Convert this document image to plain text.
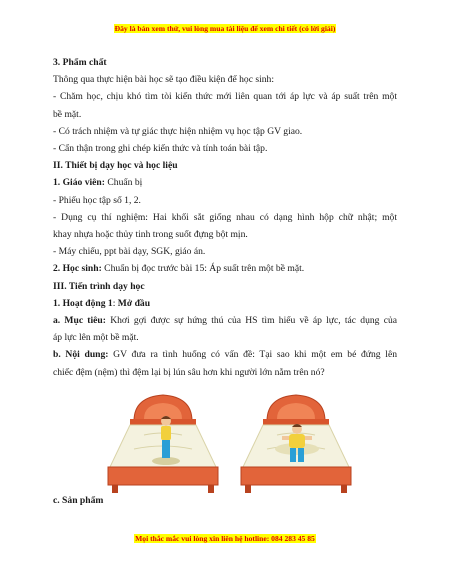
Đây là bản xem thử, vui lòng mua tài liệu để xem chi tiết (có lời giải)
3. Phẩm chất
Thông qua thực hiện bài học sẽ tạo điều kiện để học sinh:
- Chăm học, chịu khó tìm tòi kiến thức mới liên quan tới áp lực và áp suất trên một
bề mặt.
- Có trách nhiệm và tự giác thực hiện nhiệm vụ học tập GV giao.
- Cẩn thận trong ghi chép kiến thức và tính toán bài tập.
II. Thiết bị dạy học và học liệu
1. Giáo viên: Chuẩn bị
- Phiếu học tập số 1, 2.
- Dụng cụ thí nghiệm: Hai khối sắt giống nhau có dạng hình hộp chữ nhật; một
khay nhựa hoặc thủy tinh trong suốt đựng bột mịn.
- Máy chiếu, ppt bài dạy, SGK, giáo án.
2. Học sinh: Chuẩn bị đọc trước bài 15: Áp suất trên một bề mặt.
III. Tiến trình dạy học
1. Hoạt động 1: Mở đầu
a. Mục tiêu: Khơi gợi được sự hứng thú của HS tìm hiểu về áp lực, tác dụng của
áp lực lên một bề mặt.
b. Nội dung: GV đưa ra tình huống có vấn đề: Tại sao khi một em bé đứng lên
chiếc đệm (nệm) thì đệm lại bị lún sâu hơn khi người lớn nằm trên nó?
c. Sản phẩm
Mọi thắc mắc vui lòng xin liên hệ hotline: 084 283 45 85
